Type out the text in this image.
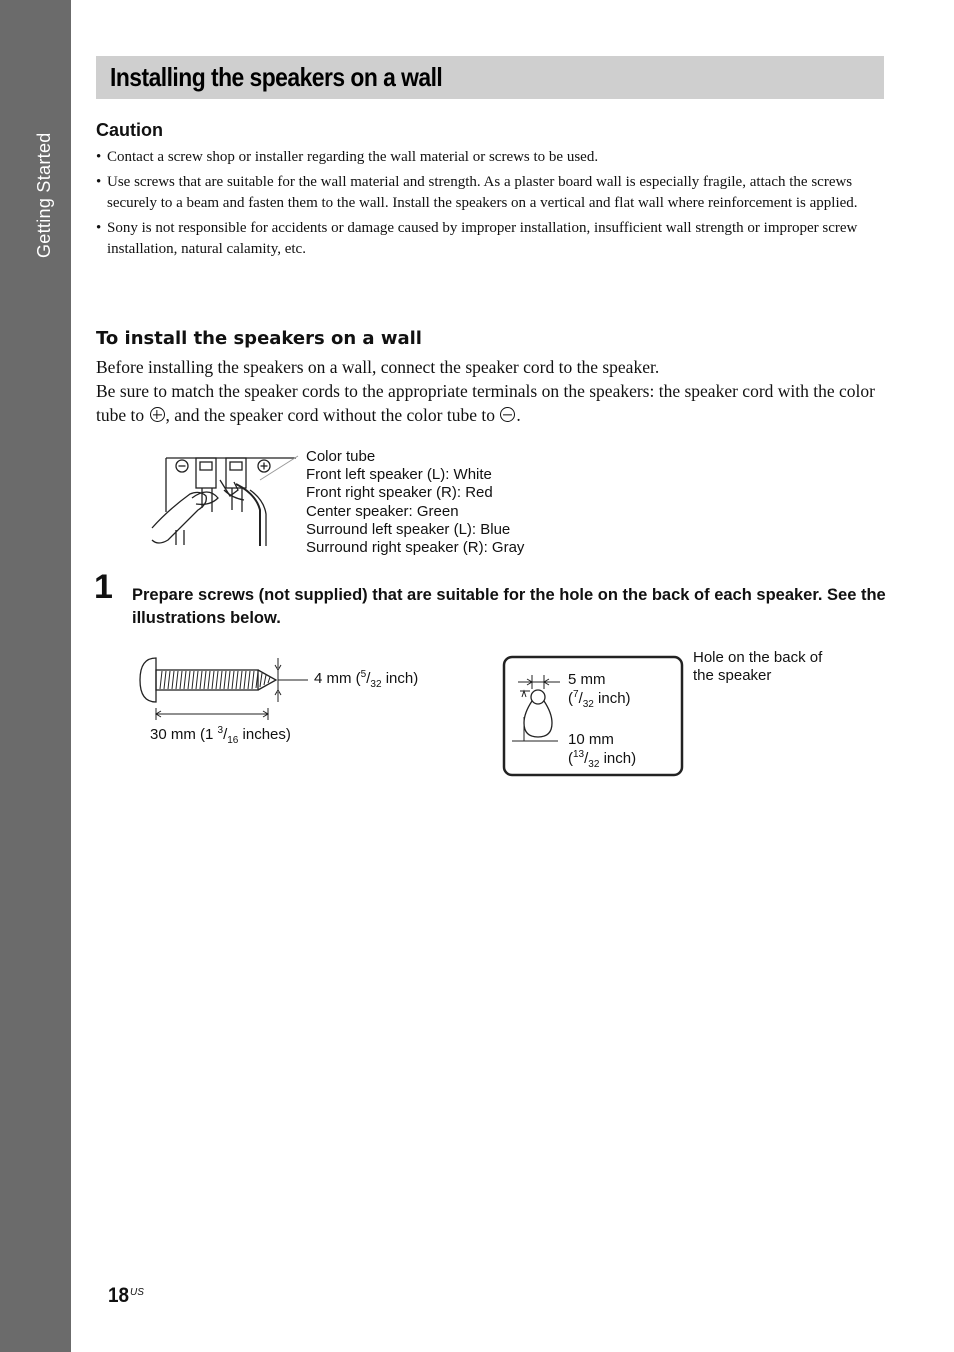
Getting Started
Installing the speakers on a wall
Caution
• Contact a screw shop or installer regarding the wall material or screws to be used.
• Use screws that are suitable for the wall material and strength. As a plaster board wall is especially fragile, attach the screws securely to a beam and fasten them to the wall. Install the speakers on a vertical and flat wall where reinforcement is applied.
• Sony is not responsible for accidents or damage caused by improper installation, insufficient wall strength or improper screw installation, natural calamity, etc.
To install the speakers on a wall

Before installing the speakers on a wall, connect the speaker cord to the speaker.

Be sure to match the speaker cords to the appropriate terminals on the speakers: the speaker cord with the color tube to , and the speaker cord without the color tube to .

Color tube
Front left speaker (L): White
Front right speaker (R): Red
Center speaker: Green
Surround left speaker (L): Blue
Surround right speaker (R): Gray
1 Prepare screws (not supplied) that are suitable for the hole on the back of each speaker. See the illustrations below.
4 mm ($^5/_{32}$ inch)
30 mm (1 $^3/_{16}$ inches)
5 mm
($^7/_{32}$ inch)
10 mm
($^{13}/_{32}$ inch)
Hole on the back of the speaker
18 US
